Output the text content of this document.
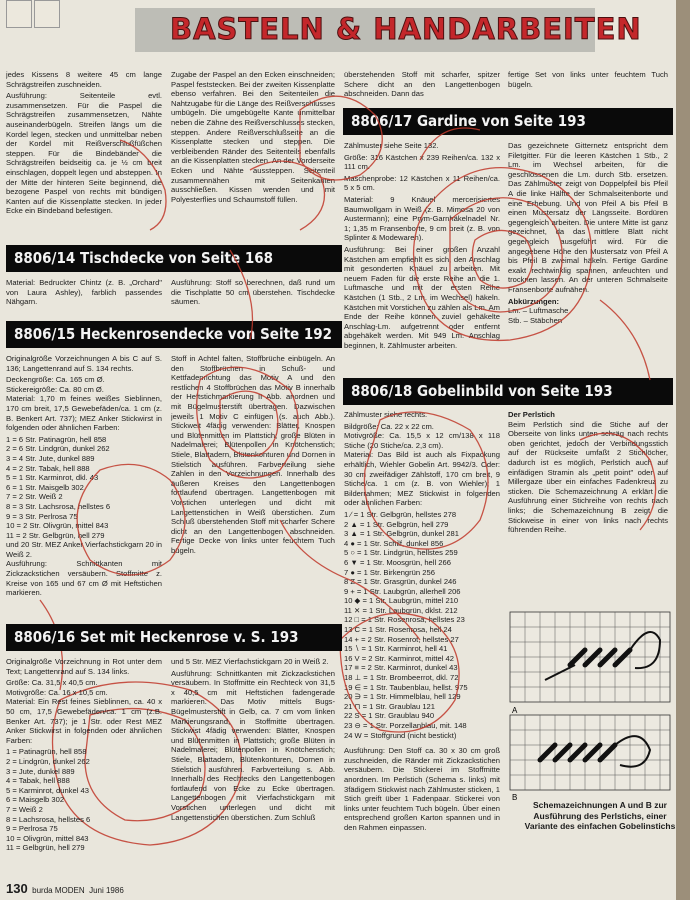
BASTELN & HANDARBEITEN

jedes Kissens 8 weitere 45 cm lange Schrägstreifen zuschneiden.

Ausführung: Seitenteile evtl. zusammensetzen. Für die Paspel die Schrägstreifen zusammensetzen, Nähte auseinanderbügeln. Streifen längs um die Kordel legen, stecken und unmittelbar neben der Kordel mit Reißverschlußfüßchen steppen. Für die Bindebänder die Schrägstreifen beidseitig ca. je ½ cm breit einschlagen, doppelt legen und absteppen. In der Mitte der hinteren Seite beginnend, die bezogene Paspel von rechts mit bündigen Kanten auf die Kissenplatte stecken. In jeder Ecke ein Bindeband befestigen.

Zugabe der Paspel an den Ecken einschneiden; Paspel feststecken. Bei der zweiten Kissenplatte ebenso verfahren. Bei den Seitenteilen die Nahtzugabe für die Länge des Reißverschlusses umbügeln. Die umgebügelte Kante unmittelbar neben die Zähne des Reißverschlusses stecken, steppen. Andere Reißverschlußseite an die Kissenplatte stecken und steppen. Die verbleibenden Ränder des Seitenteils ebenfalls an die Kissenplatten stecken. An der Vorderseite Ecken und Nähte aussteppen. Seitenteil zusammennähen mit Seitenkanten ausschließen. Kissen wenden und mit Polyesterflies und Schaumstoff füllen.

überstehenden Stoff mit scharfer, spitzer Schere dicht an den Langettenbogen abschneiden. Dann das

fertige Set von links unter feuchtem Tuch bügeln.

8806/17 Gardine von Seite 193

Zählmuster siehe Seite 132.

Größe: 316 Kästchen x 239 Reihen/ca. 132 x 111 cm.

Maschenprobe: 12 Kästchen x 11 Reihen/ca. 5 x 5 cm.

Material: 9 Knäuel mercerisiertes Baumwollgarn in Weiß (z. B. Mimosa 20 von Austermann); eine Prym-Garnhäkelnadel Nr. 1; 1,35 m Fransenborte, 9 cm breit (z. B. von Splinter & Modewaren).

Ausführung: Bei einer großen Anzahl Kästchen am empfiehlt es sich, den Anschlag mit gesonderten Knäuel zu arbeiten. Mit neuem Faden für die erste Reihe an die 1. Luftmasche und mit der ersten Reihe Kästchen (1 Stb., 2 Lm. im Wechsel) häkeln. Kästchen mit Vorstichen zu zählen als Lm. Am Ende der Reihe können zuviel gehäkelte Anschlag-Lm. aufgetrennt oder entfernt abgehäkelt werden. Mit 949 Lm. Anschlag beginnen, lt. Zählmuster arbeiten.

Das gezeichnete Gitternetz entspricht dem Filetgitter. Für die leeren Kästchen 1 Stb., 2 Lm. im Wechsel arbeiten, für die geschlossenen die Lm. durch Stb. ersetzen. Das Zählmuster zeigt von Doppelpfeil bis Pfeil A die linke Hälfte der Schmalseitenborte und eine Erhebung. Und von Pfeil A bis Pfeil B einen Mustersatz der Längsseite. Bordüren gegengleich arbeiten. Die untere Mitte ist ganz gezeichnet, da das mittlere Blatt nicht gegengleich ausgeführt wird. Für die angegebene Höhe den Mustersatz von Pfeil A bis Pfeil B zweimal häkeln. Fertige Gardine exakt rechtwinklig spannen, anfeuchten und trocknen lassen. An der unteren Schmalseite Fransenborte aufnähen.

Abkürzungen:

Lm. – Luftmasche

Stb. – Stäbchen

8806/14 Tischdecke von Seite 168

Material: Bedruckter Chintz (z. B. „Orchard" von Laura Ashley), farblich passendes Nähgarn.

Ausführung: Stoff so berechnen, daß rund um die Tischplatte 50 cm überstehen. Tischdecke säumen.

8806/15 Heckenrosendecke von Seite 192

Originalgröße Vorzeichnungen A bis C auf S. 136; Langettenrand auf S. 134 rechts.

Deckengröße: Ca. 165 cm Ø.

Stickereigröße: Ca. 80 cm Ø.

Material: 1,70 m feines weißes Sieblinnen, 170 cm breit, 17,5 Gewebefäden/ca. 1 cm (z. B. Benkert Art. 737); MEZ Anker Stickwirst in folgenden oder ähnlichen Farben:

1 = 6 Str. Patinagrün, hell 858
2 = 6 Str. Lindgrün, dunkel 262
3 = 4 Str. Jute, dunkel 889
4 = 2 Str. Tabak, hell 888
5 = 1 Str. Karminrot, dkl. 43
6 = 1 Str. Maisgelb 302
7 = 2 Str. Weiß 2
8 = 3 Str. Lachsrosa, hellstes 6
9 = 3 Str. Perlrosa 75
10 = 2 Str. Olivgrün, mittel 843
11 = 2 Str. Gelbgrün, hell 279
und 20 Str. MEZ Anker Vierfachstickgarn 20 in Weiß 2.

Ausführung: Schnittkanten mit Zickzackstichen versäubern. Stoffmitte z. Kreise von 165 und 67 cm Ø mit Heftstichen markieren.

Stoff in Achtel falten, Stoffbrüche einbügeln. An den Stoffbrüchen in Schuß- und Kettfadenrichtung das Motiv A und den restlichen 4 Stoffbrüchen das Motiv B innerhalb der Heftstichmarkierung II Abb. anordnen und mit Bügelmusterstift übertragen. Dazwischen jeweils 1 Motiv C einfügen (s. auch Abb.). Stickweit 4fädig verwenden: Blätter, Knospen und Blütenmitten im Plattstich; große Blüten in Nadelmalerei; Blütenpollen in Knötchenstich; Stiele, Blattadern, Blütenkonturen und Dornen in Stielstich ausführen. Farbverteilung siehe Zahlen in den Vorzeichnungen. Innerhalb des äußeren Kreises den Langettenbogen fortlaufend übertragen. Langettenbogen mit Vorstichen unterlegen und dicht mit Langettenstichen in Weiß überstichen. Zum Schluß überstehenden Stoff mit scharfer Schere dicht an den Langettenbogen abschneiden. Fertige Decke von links unter feuchtem Tuch bügeln.

8806/18 Gobelinbild von Seite 193

Zählmuster siehe rechts.

Bildgröße: Ca. 22 x 22 cm.

Motivgröße: Ca. 15,5 x 12 cm/138 x 118 Stiche (20 Stiche/ca. 2,3 cm).

Material: Das Bild ist auch als Fixpackung erhältlich, Wiehler Gobelin Art. 9942/3. Oder: 30 cm zweifädiger Zählstoff, 170 cm breit, 9 Stiche/ca. 1 cm (z. B. von Wiehler); 1 Bilderrahmen; MEZ Stickwist in folgenden oder ähnlichen Farben:

1 ∕ = 1 Str. Gelbgrün, hellstes 278
2 ▲ = 1 Str. Gelbgrün, hell 279
3 ▲ = 1 Str. Gelbgrün, dunkel 281
4 ● = 1 Str. Schilf, dunkel 856
5 ○ = 1 Str. Lindgrün, hellstes 259
6 ▼ = 1 Str. Moosgrün, hell 266
7 ● = 1 Str. Birkengrün 256
8 Z = 1 Str. Grasgrün, dunkel 246
9 + = 1 Str. Laubgrün, allerhell 206
10 ◆ = 1 Str. Laubgrün, mittel 210
11 ✕ = 1 Str. Laubgrün, dklst. 212
12 □ = 1 Str. Rosenrosa, hellstes 23
13 C = 1 Str. Rosenrosa, hell 24
14 + = 2 Str. Rosenrot, hellstes 27
15 ∖ = 1 Str. Karminrot, hell 41
16 V = 2 Str. Karminrot, mittel 42
17 ≡ = 2 Str. Karminrot, dunkel 43
18 ⊥ = 1 Str. Brombeerrot, dkl. 72
19 ∈ = 1 Str. Taubenblau, hellst. 975
20 ∋ = 1 Str. Himmelblau, hell 129
21 ⊓ = 1 Str. Graublau 121
22 S = 1 Str. Graublau 940
23 ⊖ = 1 Str. Porzellanblau, mit. 148
24 W = Stoffgrund (nicht bestickt)

Ausführung: Den Stoff ca. 30 x 30 cm groß zuschneiden, die Ränder mit Zickzackstichen versäubern. Die Stickerei im Stoffmitte anordnen. Im Perlstich (Schema s. links) mit 3fädigem Stickwist nach Zählmuster sticken, 1 Stich greift über 1 Fadenpaar. Stickerei von links unter feuchtem Tuch bügeln. Über einen entsprechend großen Karton spannen und in den Rahmen einpassen.

Der Perlstich

Beim Perlstich sind die Stiche auf der Oberseite von links unten schräg nach rechts oben gerichtet, jedoch der Verbindungsstich auf der Rückseite umfaßt 2 Stichlöcher, dadurch ist es möglich, Perlstich auch auf einfädigen Stramin als „petit point" oder auf Millergaze über ein einfaches Fadenkreuz zu sticken. Die Schemazeichnung A erklärt die Ausführung einer Stichreihe von rechts nach links; die Schemazeichnung B zeigt die Stickweise in einer von links nach rechts führenden Reihe.

A
B
Schemazeichnungen A und B zur Ausführung des Perlstichs, einer Variante des einfachen Gobelinstichs
8806/16 Set mit Heckenrose v. S. 193

Originalgröße Vorzeichnung in Rot unter dem Text; Langettenrand auf S. 134 links.

Größe: Ca. 31,5 x 40,5 cm.

Motivgröße: Ca. 16 x 10,5 cm.

Material: Ein Rest feines Sieblinnen, ca. 40 x 50 cm, 17,5 Gewebefäden/ca. 1 cm (z.B. Benker Art. 737); je 1 Str. oder Rest MEZ Anker Stickwirst in folgenden oder ähnlichen Farben:

1 = Patinagrün, hell 858
2 = Lindgrün, dunkel 262
3 = Jute, dunkel 889
4 = Tabak, hell 888
5 = Karminrot, dunkel 43
6 = Maisgelb 302
7 = Weiß 2
8 = Lachsrosa, hellstes 6
9 = Perlrosa 75
10 = Olivgrün, mittel 843
11 = Gelbgrün, hell 279

und 5 Str. MEZ Vierfachstickgarn 20 in Weiß 2.

Ausführung: Schnittkanten mit Zickzackstichen versäubern. In Stoffmitte ein Rechteck von 31,5 x 40,5 cm mit Heftstichen fadengerade markieren. Das Motiv mittels Bugs-Bügelmusterstift in Gelb, ca. 7 cm vom linken Markierungsrand, in Stoffmitte übertragen. Stickwist 4fädig verwenden: Blätter, Knospen und Blütenmitten in Plattstich; große Blüten in Nadelmalerei; Blütenpollen in Knötchenstich; Stiele, Blattadern, Blütenkonturen, Dornen in Stielstich ausführen. Farbverteilung s. Abb. Innerhalb des Rechtecks den Langettenbogen fortlaufend von Ecke zu Ecke übertragen. Langettenbogen mit Vierfachstickgarn mit Vorstichen unterlegen und dicht mit Langettenstichen überstichen. Zum Schluß

130 burda MODEN Juni 1986
